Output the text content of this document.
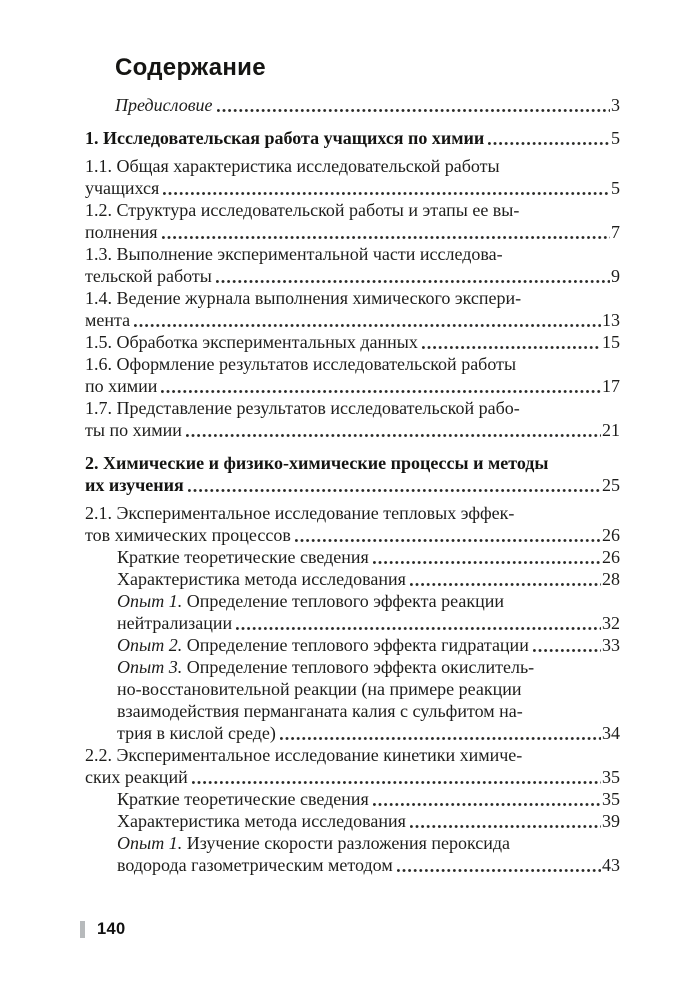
Содержание
Предисловие	3
1. Исследовательская работа учащихся по химии	5
1.1. Общая характеристика исследовательской работы
учащихся	5
1.2. Структура исследовательской работы и этапы ее вы-
полнения	7
1.3. Выполнение экспериментальной части исследова-
тельской работы	9
1.4. Ведение журнала выполнения химического экспери-
мента	13
1.5. Обработка экспериментальных данных	15
1.6. Оформление результатов исследовательской работы
по химии	17
1.7. Представление результатов исследовательской рабо-
ты по химии	21
2. Химические и физико-химические процессы и методы
их изучения	25
2.1. Экспериментальное исследование тепловых эффек-
тов химических процессов	26
Краткие теоретические сведения	26
Характеристика метода исследования	28
Опыт 1. Определение теплового эффекта реакции
нейтрализации	32
Опыт 2. Определение теплового эффекта гидратации	33
Опыт 3. Определение теплового эффекта окислитель-
но-восстановительной реакции (на примере реакции
взаимодействия перманганата калия с сульфитом на-
трия в кислой среде)	34
2.2. Экспериментальное исследование кинетики химиче-
ских реакций	35
Краткие теоретические сведения	35
Характеристика метода исследования	39
Опыт 1. Изучение скорости разложения пероксида
водорода газометрическим методом	43
140
